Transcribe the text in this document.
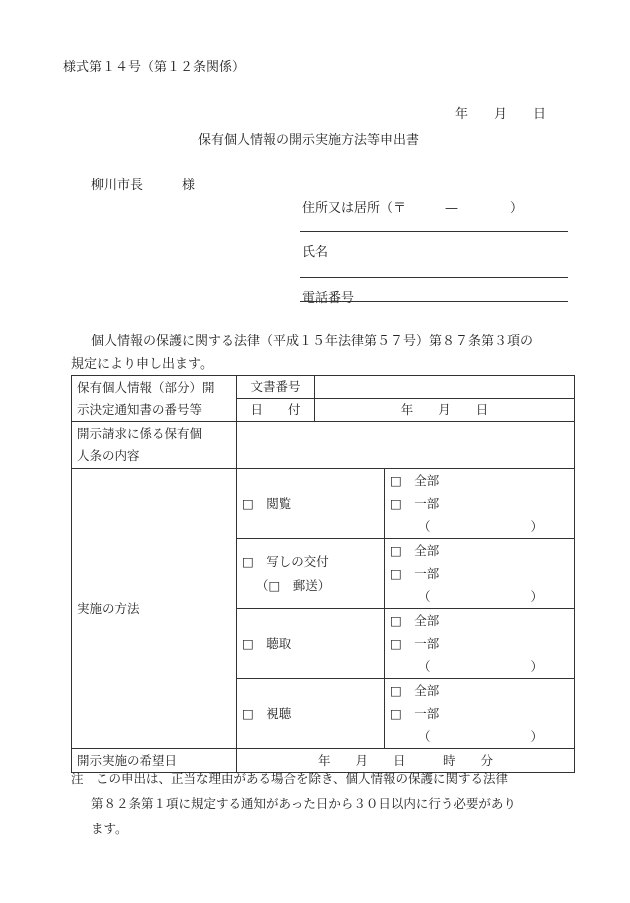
様式第１４号（第１２条関係）
年　　月　　日
保有個人情報の開示実施方法等申出書
柳川市長　　　様
住所又は居所（〒　　　—　　　　）
氏名
電話番号
個人情報の保護に関する法律（平成１５年法律第５７号）第８７条第３項の
規定により申し出ます。
保有個人情報（部分）開
示決定通知書の番号等	文書番号		
	日　　付	年　　月　　日	

開示請求に係る保有個
人条の内容			

実施の方法	□　閲覧		□　全部
□　一部
（　　　　　　　　）

	□　写しの交付
（□　郵送）		□　全部
□　一部
（　　　　　　　　）

	□　聴取		□　全部
□　一部
（　　　　　　　　）

	□　視聴		□　全部
□　一部
（　　　　　　　　）

開示実施の希望日	年　　月　　日　　　時　　分		
注　この申出は、正当な理由がある場合を除き、個人情報の保護に関する法律
第８２条第１項に規定する通知があった日から３０日以内に行う必要があり
ます。
